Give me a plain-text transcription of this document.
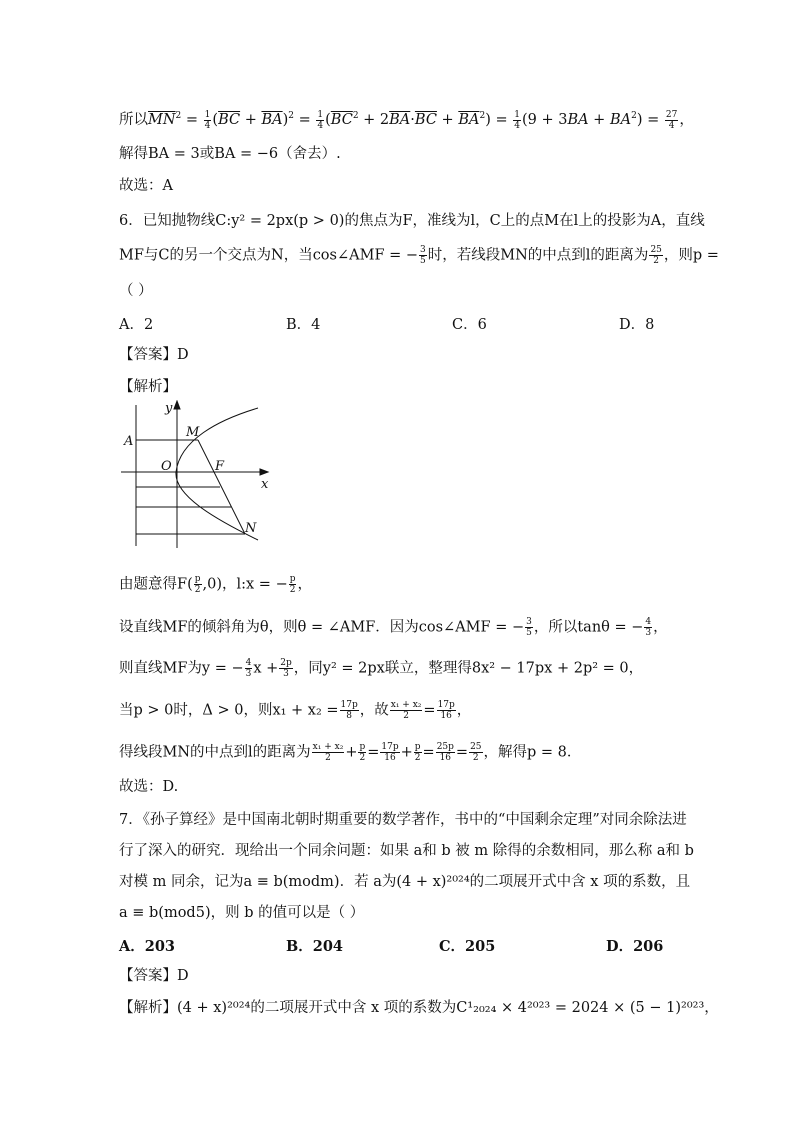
所以$\overline{MN}^2 = \frac{1}{4} (\overline{BC} + \overline{BA})^2 = \frac{1}{4} (\overline{BC}^2 + 2\overline{BA}\cdot\overline{BC} + \overline{BA}^2) = \frac{1}{4} (9 + 3BA + BA^2) = \frac{27}{4}$ ，
解得BA = 3或BA = −6（舍去）.
故选：A
6．已知抛物线C:y² = 2px(p > 0)的焦点为F，准线为l，C上的点M在l上的投影为A，直线
MF与C的另一个交点为N，当cos∠AMF = − $\frac{3}{5}$ 时，若线段MN的中点到l的距离为 $\frac{25}{2}$ ，则p =
（ ）
A．2	B．4	C．6	D．8
【答案】D
【解析】
y
x
A
M
O	F
N
由题意得$F( \frac{p}{2} ,0)$，l:x = − $\frac{p}{2}$ ，
设直线MF的倾斜角为θ，则θ = ∠AMF．因为cos∠AMF = − $\frac{3}{5}$ ，所以tanθ = − $\frac{4}{3}$ ，
则直线MF为y = − $\frac{4}{3}$ $x + \frac{2p}{3}$ ，同y² = 2px联立，整理得8x² − 17px + 2p² = 0，
当p > 0时，Δ > 0，则$x_1 + x_2 = \frac{17p}{8}$ ，故 $\frac{\text{x₁ + x₂}}{2} = \frac{17p}{16}$ ，
得线段MN的中点到l的距离为 $\frac{\text{x₁ + x₂}}{2} + \frac{p}{2} = \frac{17p}{16} + \frac{p}{2} = \frac{25p}{16} = \frac{25}{2}$ ，解得p = 8．
故选：D.
7．《孙子算经》是中国南北朝时期重要的数学著作，书中的“中国剩余定理”对同余除法进
行了深入的研究．现给出一个同余问题：如果 a和 b 被 m 除得的余数相同，那么称 a和 b
对模 m 同余，记为a ≡ b(modm)．若 a为(4 + x)²⁰²⁴的二项展开式中含 x 项的系数，且
a ≡ b(mod5)，则 b 的值可以是（ ）
A．203	B．204	C．205	D．206
【答案】D
【解析】(4 + x)²⁰²⁴的二项展开式中含 x 项的系数为C¹₂₀₂₄ × 4²⁰²³ = 2024 × (5 − 1)²⁰²³，
